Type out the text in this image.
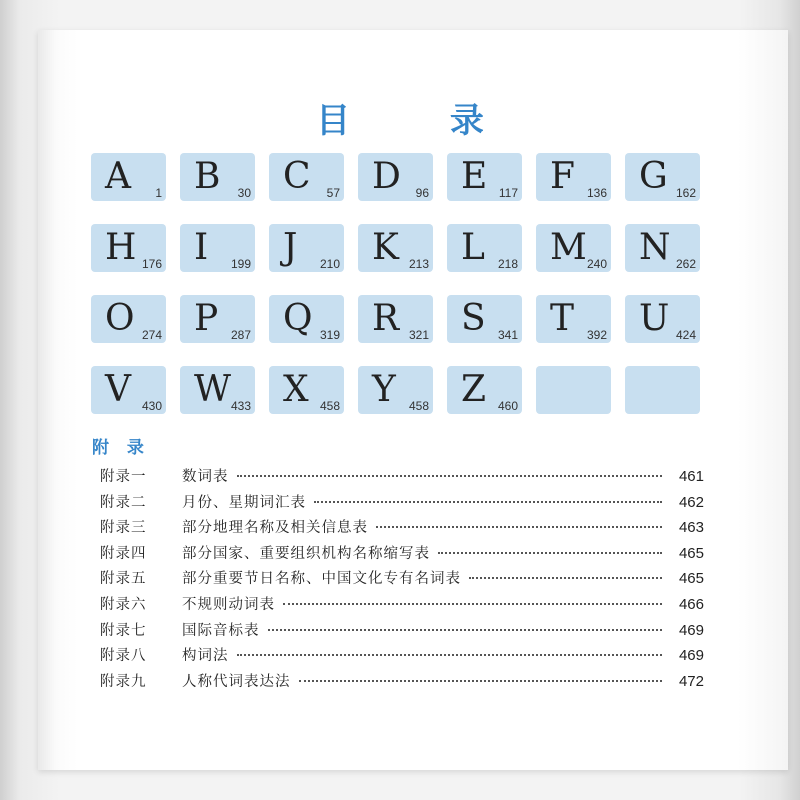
目 录
A 1 B 30 C 57 D 96 E 117 F 136 G 162
H 176 I 199 J 210 K 213 L 218 M 240 N 262
O 274 P 287 Q 319 R 321 S 341 T 392 U 424
V 430 W 433 X 458 Y 458 Z 460
附 录
附录一	数词表	461
附录二	月份、星期词汇表	462
附录三	部分地理名称及相关信息表	463
附录四	部分国家、重要组织机构名称缩写表	465
附录五	部分重要节日名称、中国文化专有名词表	465
附录六	不规则动词表	466
附录七	国际音标表	469
附录八	构词法	469
附录九	人称代词表达法	472
